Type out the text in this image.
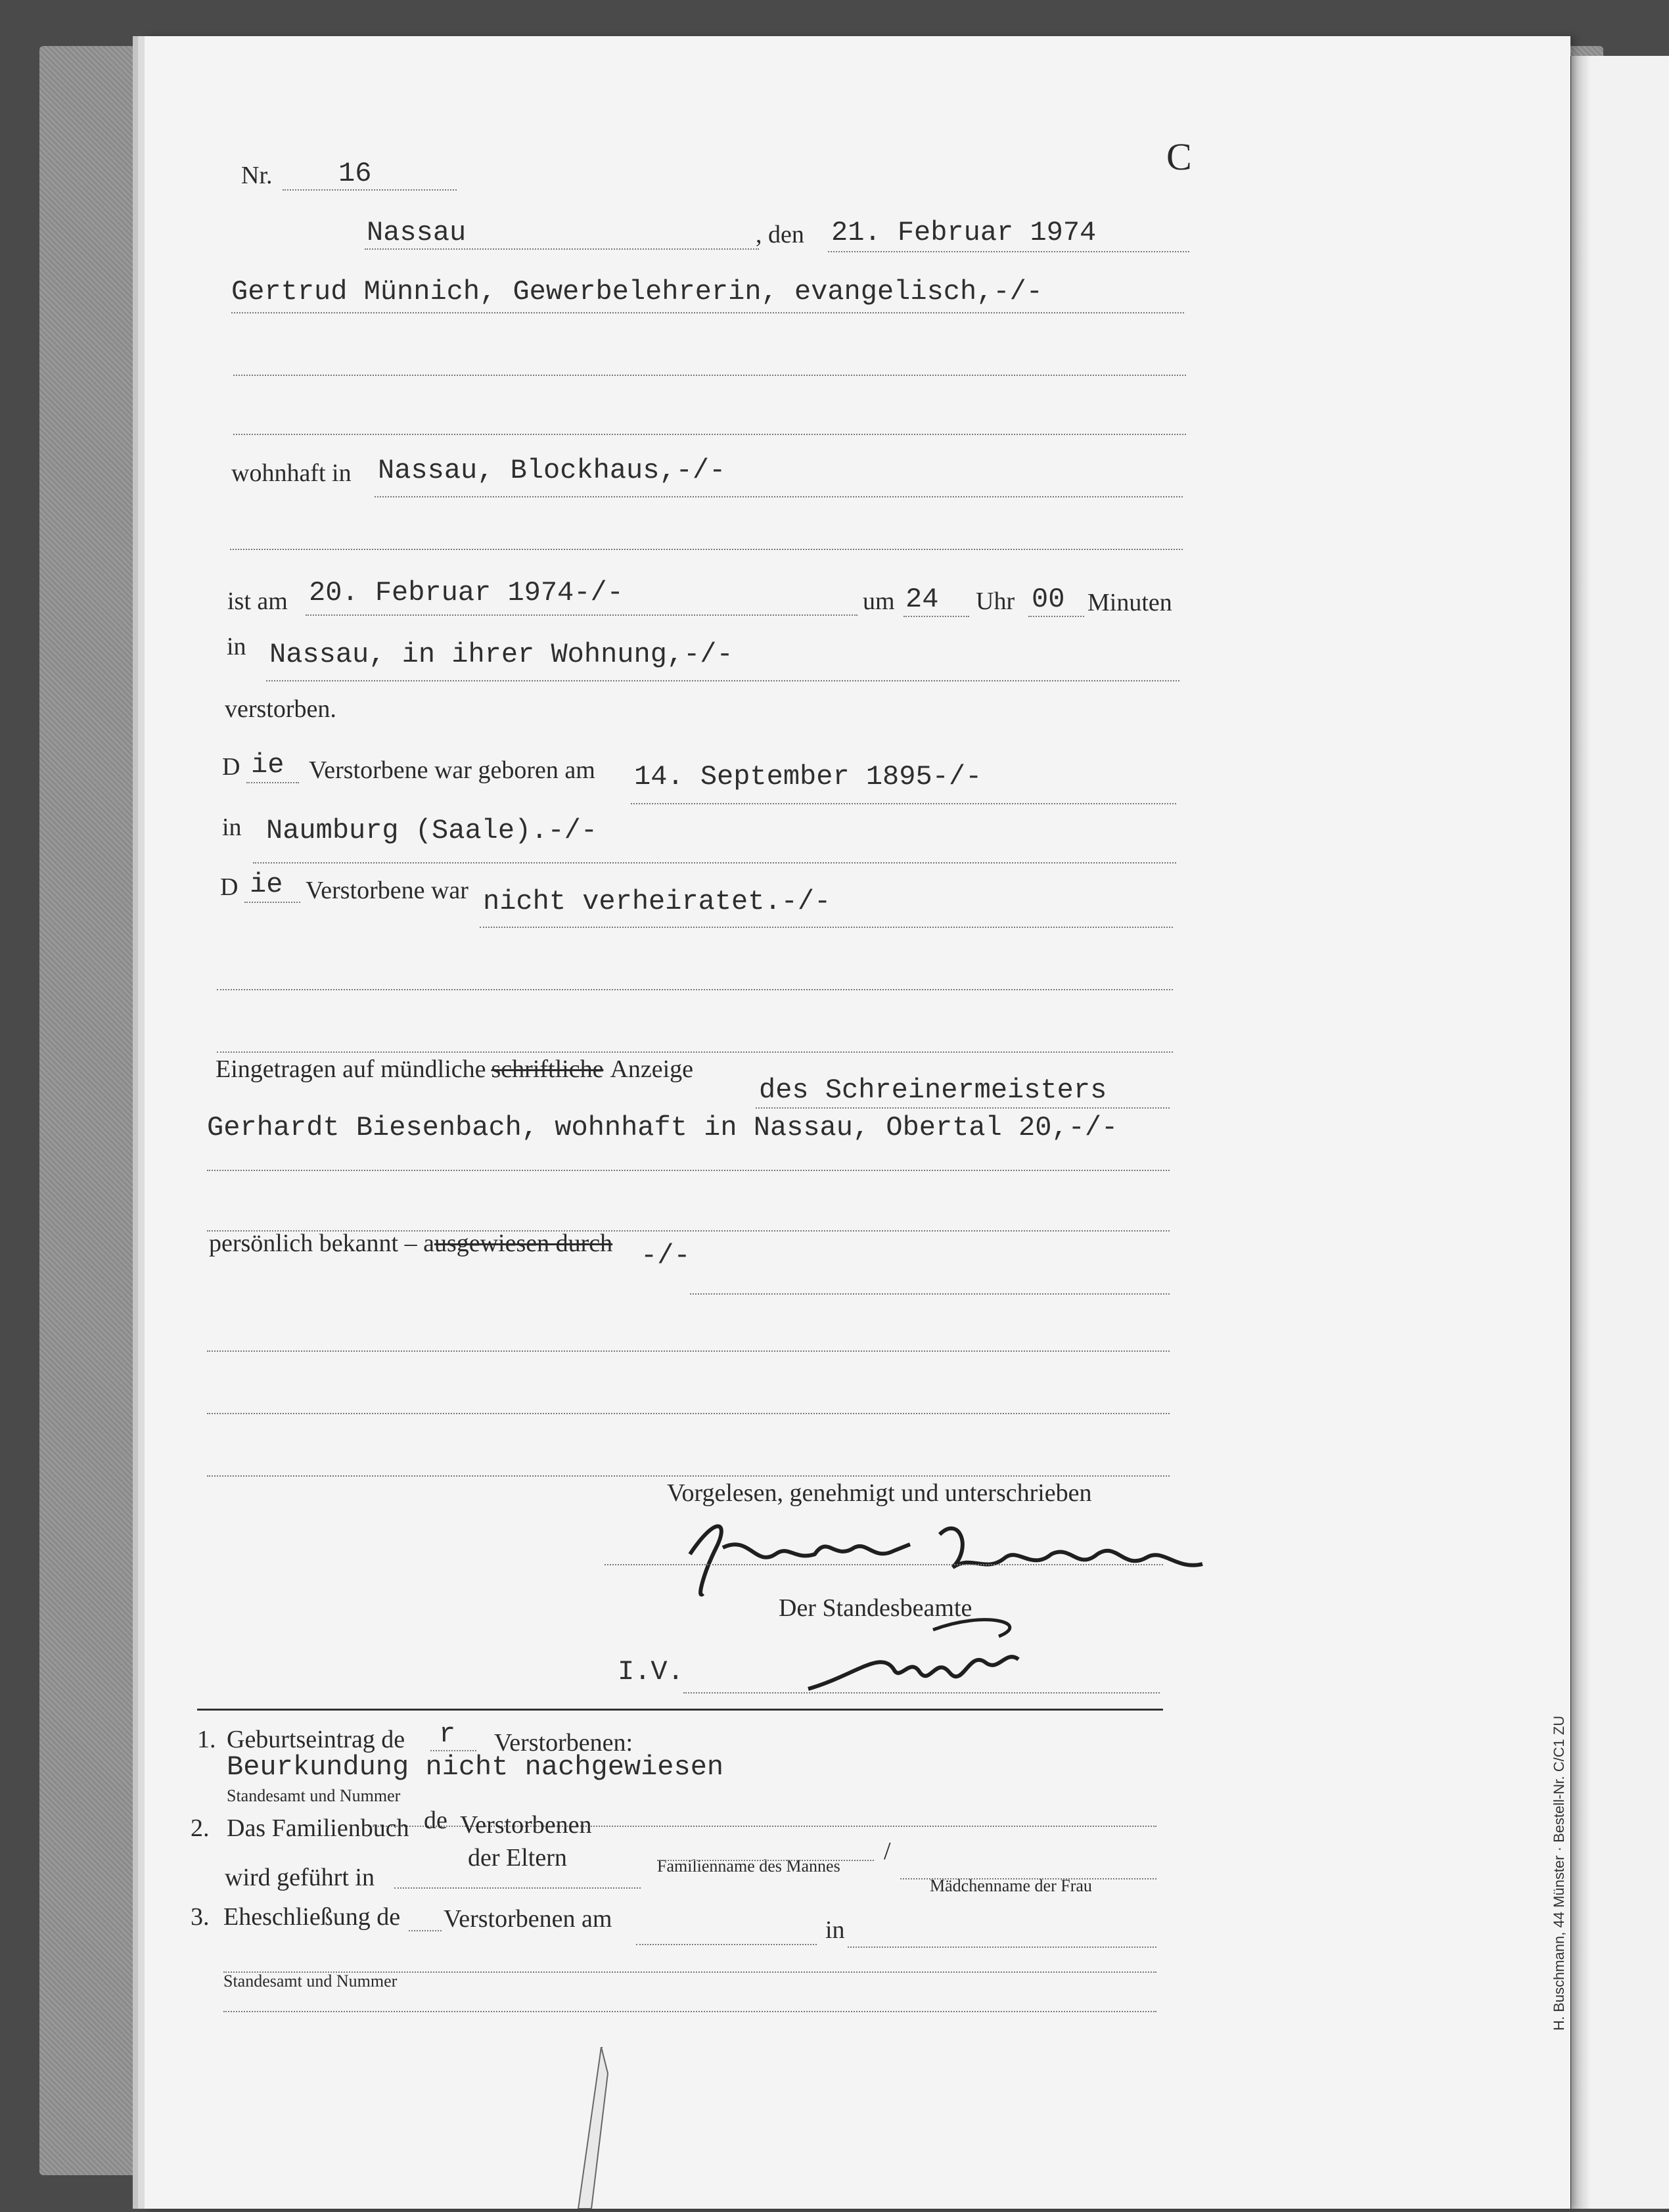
C
Nr. 16
Nassau	, den 21. Februar 1974
Gertrud Münnich, Gewerbelehrerin, evangelisch,-/-
wohnhaft in Nassau, Blockhaus,-/-
ist am 20. Februar 1974-/-	um 24 Uhr 00 Minuten
in Nassau, in ihrer Wohnung,-/-
verstorben.
D ie Verstorbene war geboren am 14. September 1895-/-
in Naumburg (Saale).-/-
D ie Verstorbene war nicht verheiratet.-/-
Eingetragen auf mündliche schriftliche Anzeige
des Schreinermeisters
Gerhardt Biesenbach, wohnhaft in Nassau, Obertal 20,-/-
persönlich bekannt – ausgewiesen durch -/-
Vorgelesen, genehmigt und unterschrieben
Der Standesbeamte
I.V.
1. Geburtseintrag de r Verstorbenen:
Beurkundung nicht nachgewiesen
Standesamt und Nummer
2. Das Familienbuch de Verstorbenen
der Eltern	Familienname des Mannes
/
Mädchenname der Frau
wird geführt in
3. Eheschließung de Verstorbenen am	in
Standesamt und Nummer	H. Buschmann, 44 Münster · Bestell-Nr. C/C1 ZU
